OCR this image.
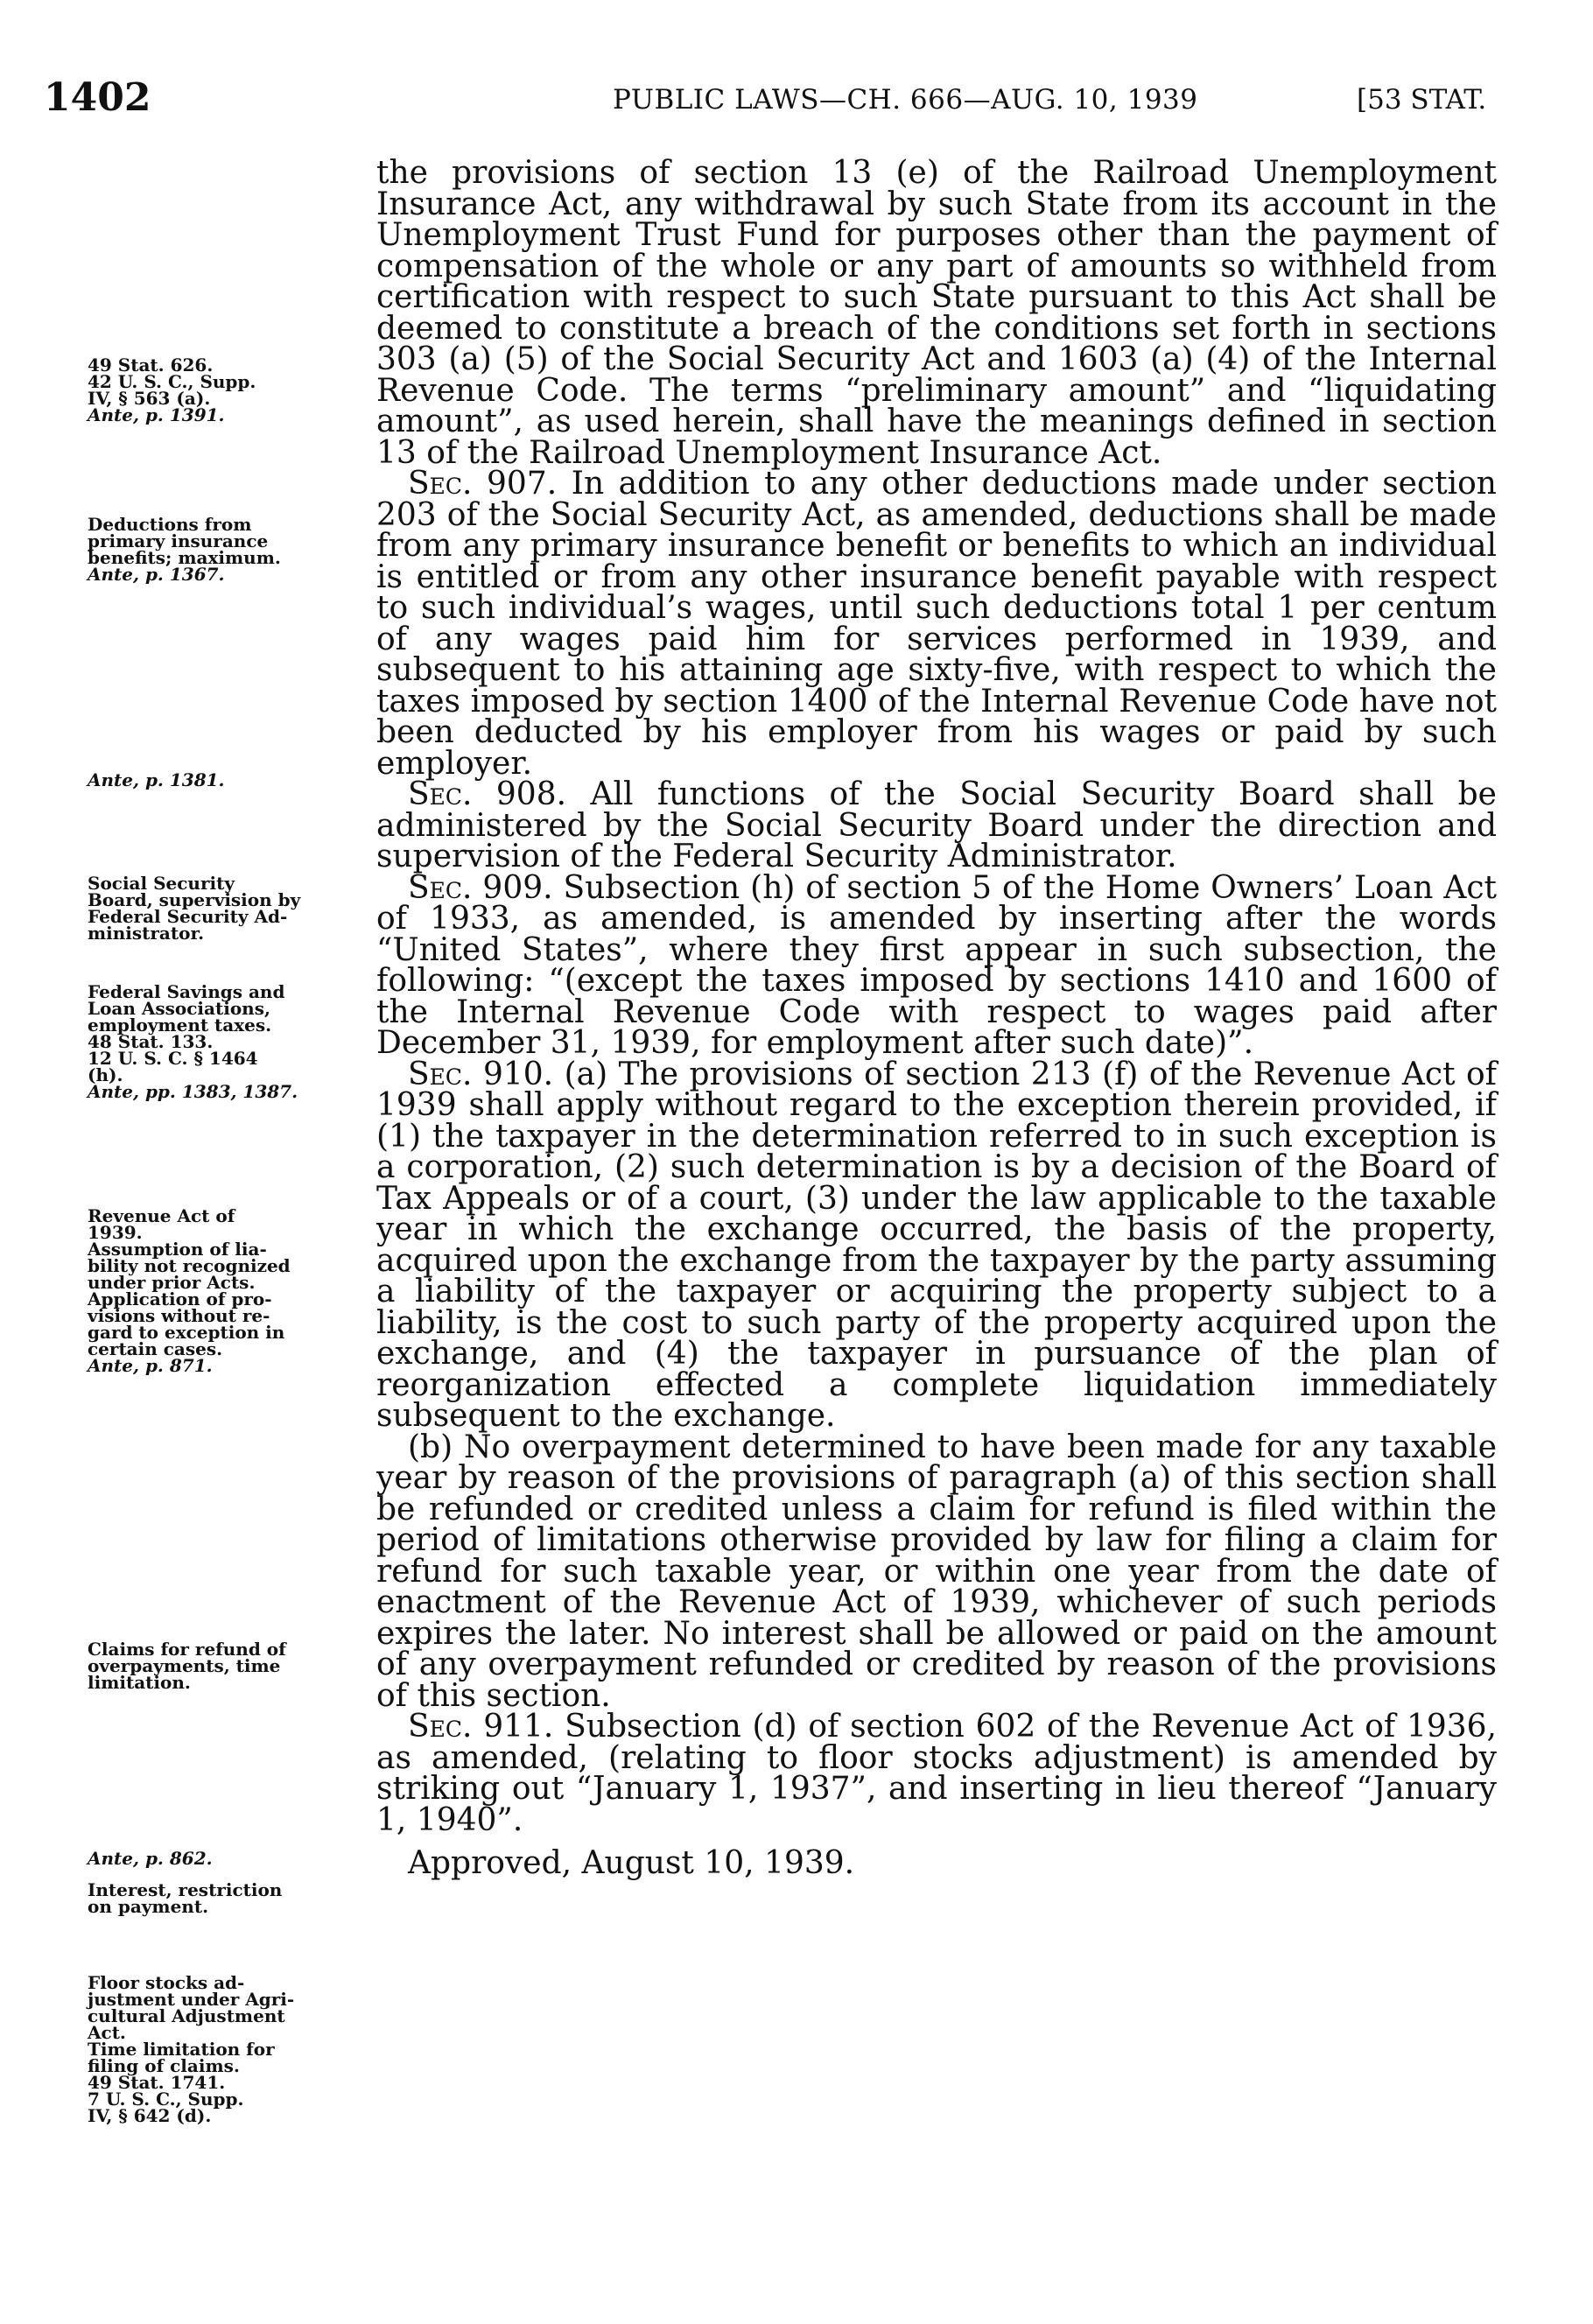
1402	PUBLIC LAWS—CH. 666—AUG. 10, 1939	[53 STAT.
49 Stat. 626.
42 U. S. C., Supp.
IV, § 563 (a).
Ante, p. 1391.
Deductions from
primary insurance
benefits; maximum.
Ante, p. 1367.
Ante, p. 1381.
Social Security
Board, supervision by
Federal Security Ad-
ministrator.
Federal Savings and
Loan Associations,
employment taxes.
48 Stat. 133.
12 U. S. C. § 1464
(h).
Ante, pp. 1383, 1387.
Revenue Act of
1939.
Assumption of lia-
bility not recognized
under prior Acts.
Application of pro-
visions without re-
gard to exception in
certain cases.
Ante, p. 871.
Claims for refund of
overpayments, time
limitation.
Ante, p. 862.
Interest, restriction
on payment.
Floor stocks ad-
justment under Agri-
cultural Adjustment
Act.
Time limitation for
filing of claims.
49 Stat. 1741.
7 U. S. C., Supp.
IV, § 642 (d).

the provisions of section 13 (e) of the Railroad Unemployment Insurance Act, any withdrawal by such State from its account in the Unemployment Trust Fund for purposes other than the payment of compensation of the whole or any part of amounts so withheld from certification with respect to such State pursuant to this Act shall be deemed to constitute a breach of the conditions set forth in sections 303 (a) (5) of the Social Security Act and 1603 (a) (4) of the Internal Revenue Code. The terms “preliminary amount” and “liquidating amount”, as used herein, shall have the meanings defined in section 13 of the Railroad Unemployment Insurance Act.

 Sec. 907. In addition to any other deductions made under section 203 of the Social Security Act, as amended, deductions shall be made from any primary insurance benefit or benefits to which an individual is entitled or from any other insurance benefit payable with respect to such individual’s wages, until such deductions total 1 per centum of any wages paid him for services performed in 1939, and subsequent to his attaining age sixty-five, with respect to which the taxes imposed by section 1400 of the Internal Revenue Code have not been deducted by his employer from his wages or paid by such employer.

 Sec. 908. All functions of the Social Security Board shall be administered by the Social Security Board under the direction and supervision of the Federal Security Administrator.

 Sec. 909. Subsection (h) of section 5 of the Home Owners’ Loan Act of 1933, as amended, is amended by inserting after the words “United States”, where they first appear in such subsection, the following: “(except the taxes imposed by sections 1410 and 1600 of the Internal Revenue Code with respect to wages paid after December 31, 1939, for employment after such date)”.

 Sec. 910. (a) The provisions of section 213 (f) of the Revenue Act of 1939 shall apply without regard to the exception therein provided, if (1) the taxpayer in the determination referred to in such exception is a corporation, (2) such determination is by a decision of the Board of Tax Appeals or of a court, (3) under the law applicable to the taxable year in which the exchange occurred, the basis of the property, acquired upon the exchange from the taxpayer by the party assuming a liability of the taxpayer or acquiring the property subject to a liability, is the cost to such party of the property acquired upon the exchange, and (4) the taxpayer in pursuance of the plan of reorganization effected a complete liquidation immediately subsequent to the exchange.

 (b) No overpayment determined to have been made for any taxable year by reason of the provisions of paragraph (a) of this section shall be refunded or credited unless a claim for refund is filed within the period of limitations otherwise provided by law for filing a claim for refund for such taxable year, or within one year from the date of enactment of the Revenue Act of 1939, whichever of such periods expires the later. No interest shall be allowed or paid on the amount of any overpayment refunded or credited by reason of the provisions of this section.

 Sec. 911. Subsection (d) of section 602 of the Revenue Act of 1936, as amended, (relating to floor stocks adjustment) is amended by striking out “January 1, 1937”, and inserting in lieu thereof “January 1, 1940”.

 Approved, August 10, 1939.
